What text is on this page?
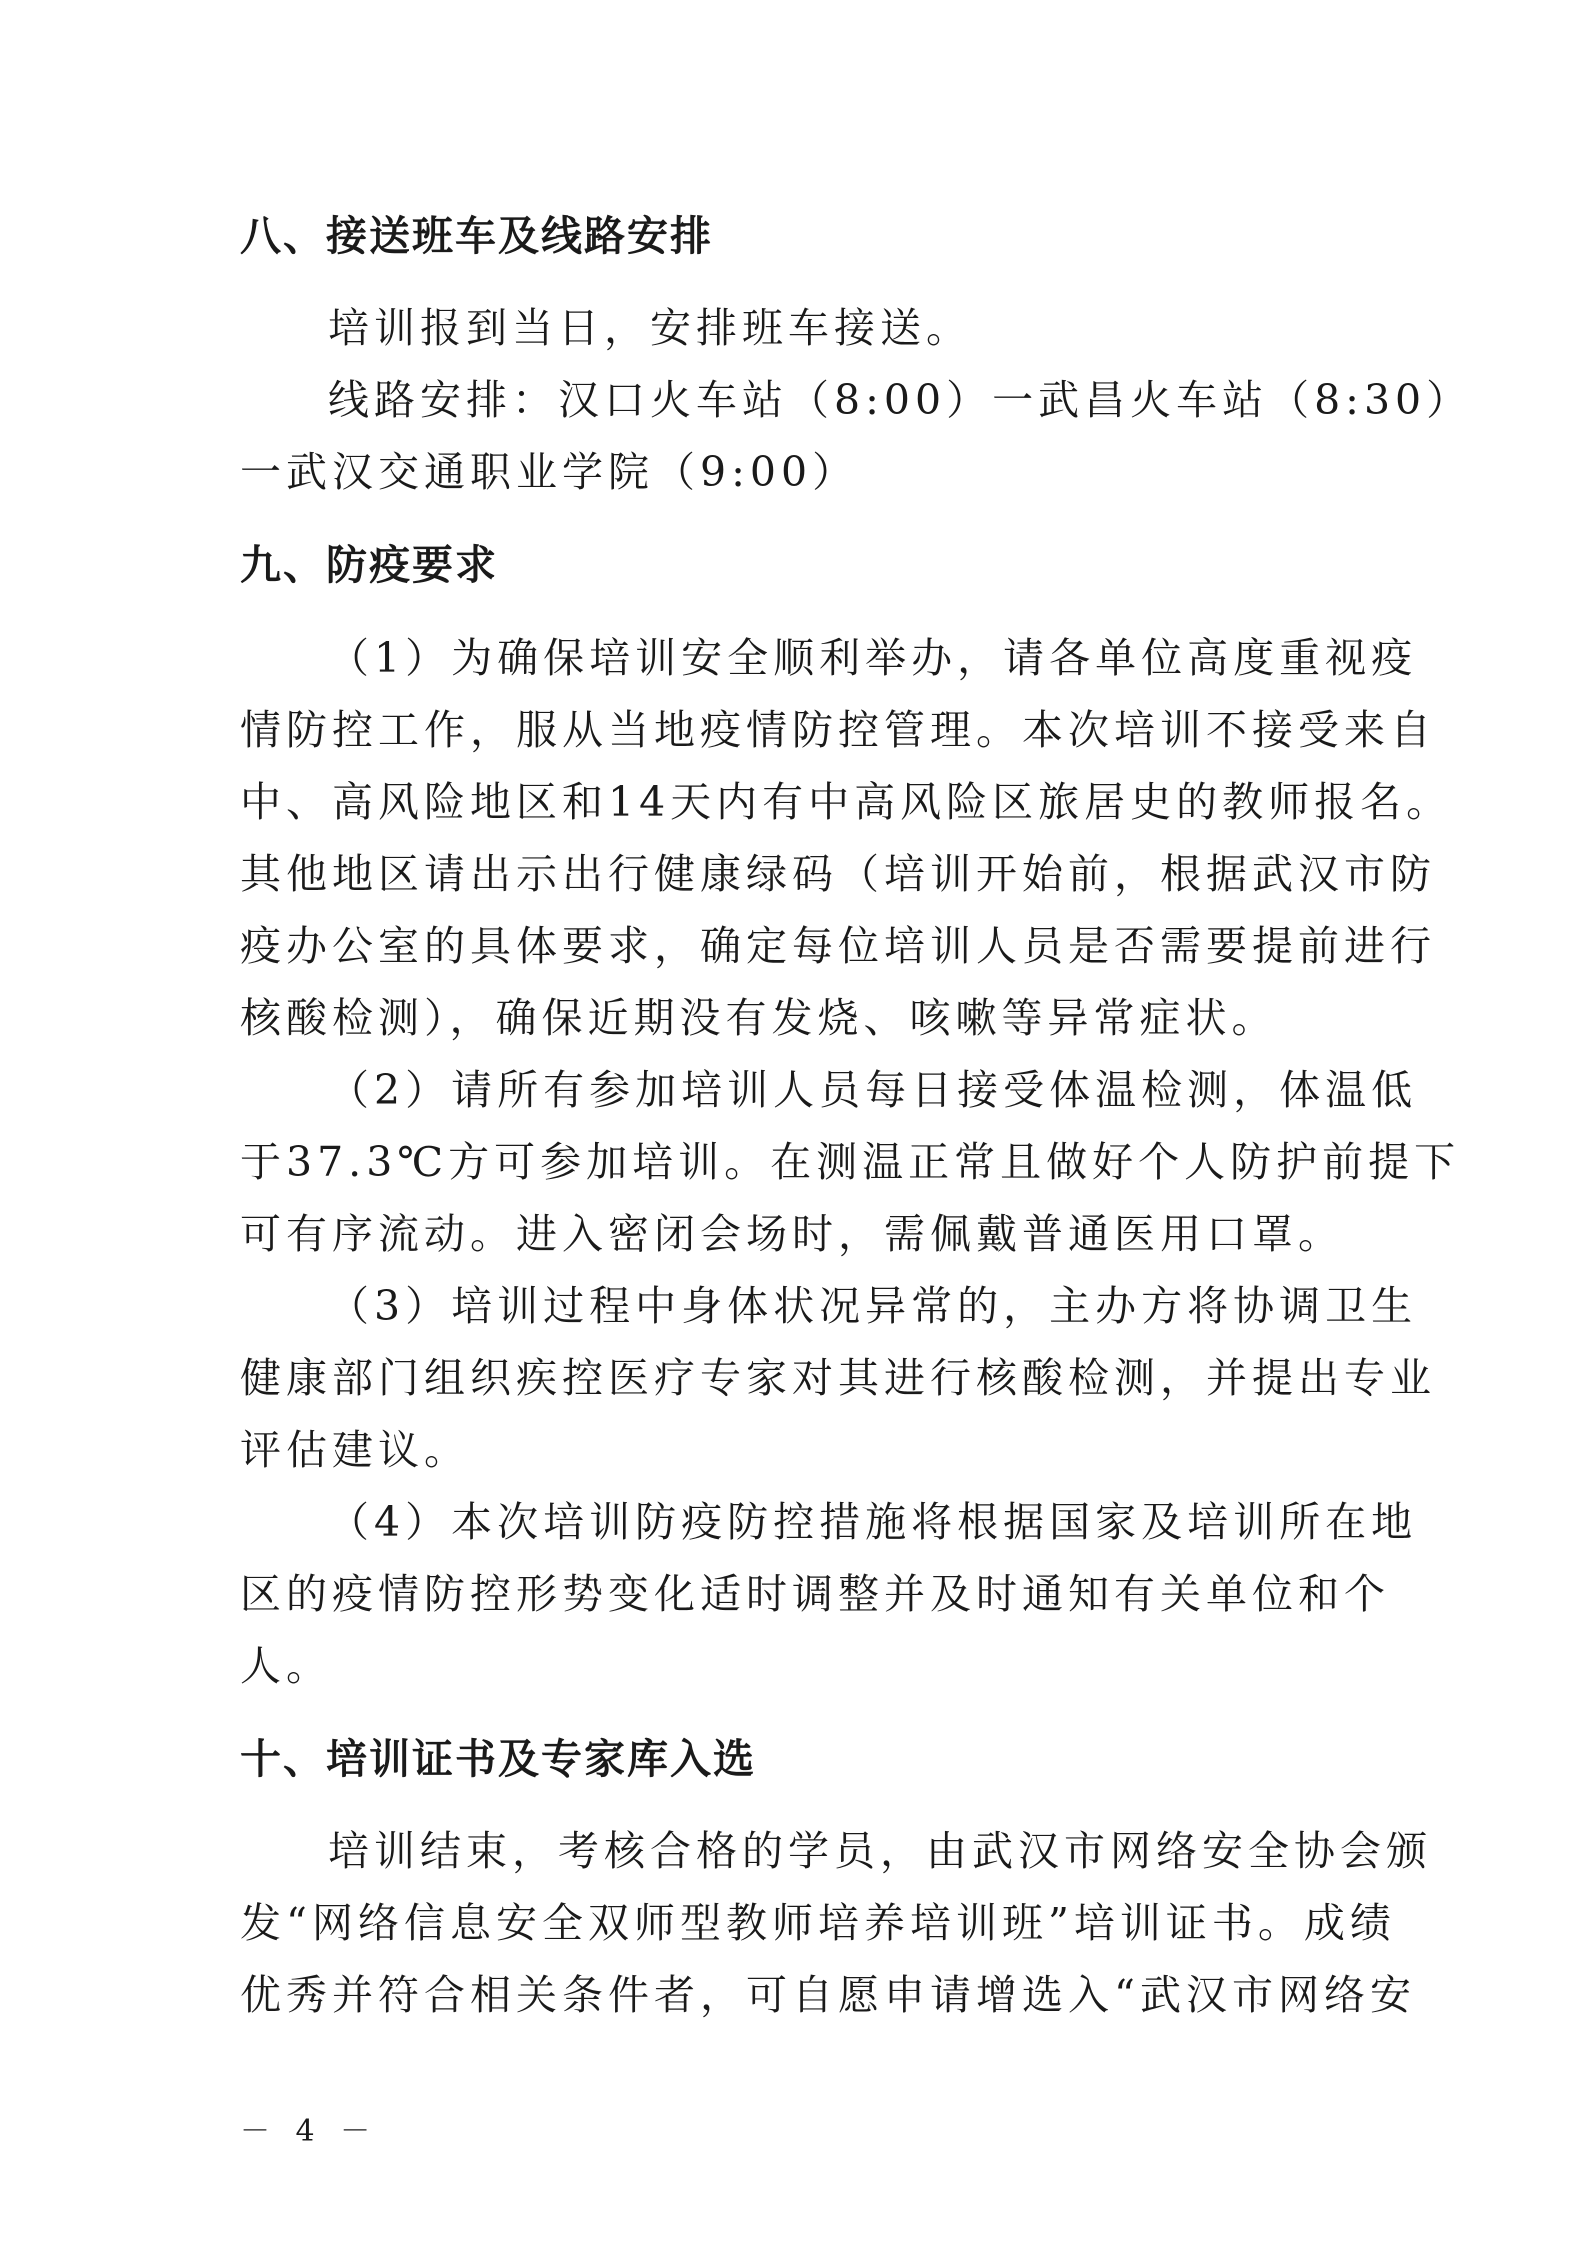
八、接送班车及线路安排

培训报到当日，安排班车接送。

线路安排：汉口火车站（8:00）一武昌火车站（8:30）

一武汉交通职业学院（9:00）

九、防疫要求

（1）为确保培训安全顺利举办，请各单位高度重视疫

情防控工作，服从当地疫情防控管理。本次培训不接受来自

中、高风险地区和14天内有中高风险区旅居史的教师报名。

其他地区请出示出行健康绿码（培训开始前，根据武汉市防

疫办公室的具体要求，确定每位培训人员是否需要提前进行

核酸检测），确保近期没有发烧、咳嗽等异常症状。

（2）请所有参加培训人员每日接受体温检测，体温低

于37.3℃方可参加培训。在测温正常且做好个人防护前提下

可有序流动。进入密闭会场时，需佩戴普通医用口罩。

（3）培训过程中身体状况异常的，主办方将协调卫生

健康部门组织疾控医疗专家对其进行核酸检测，并提出专业

评估建议。

（4）本次培训防疫防控措施将根据国家及培训所在地

区的疫情防控形势变化适时调整并及时通知有关单位和个

人。

十、培训证书及专家库入选

培训结束，考核合格的学员，由武汉市网络安全协会颁

发“网络信息安全双师型教师培养培训班”培训证书。成绩

优秀并符合相关条件者，可自愿申请增选入“武汉市网络安

－ 4 －
